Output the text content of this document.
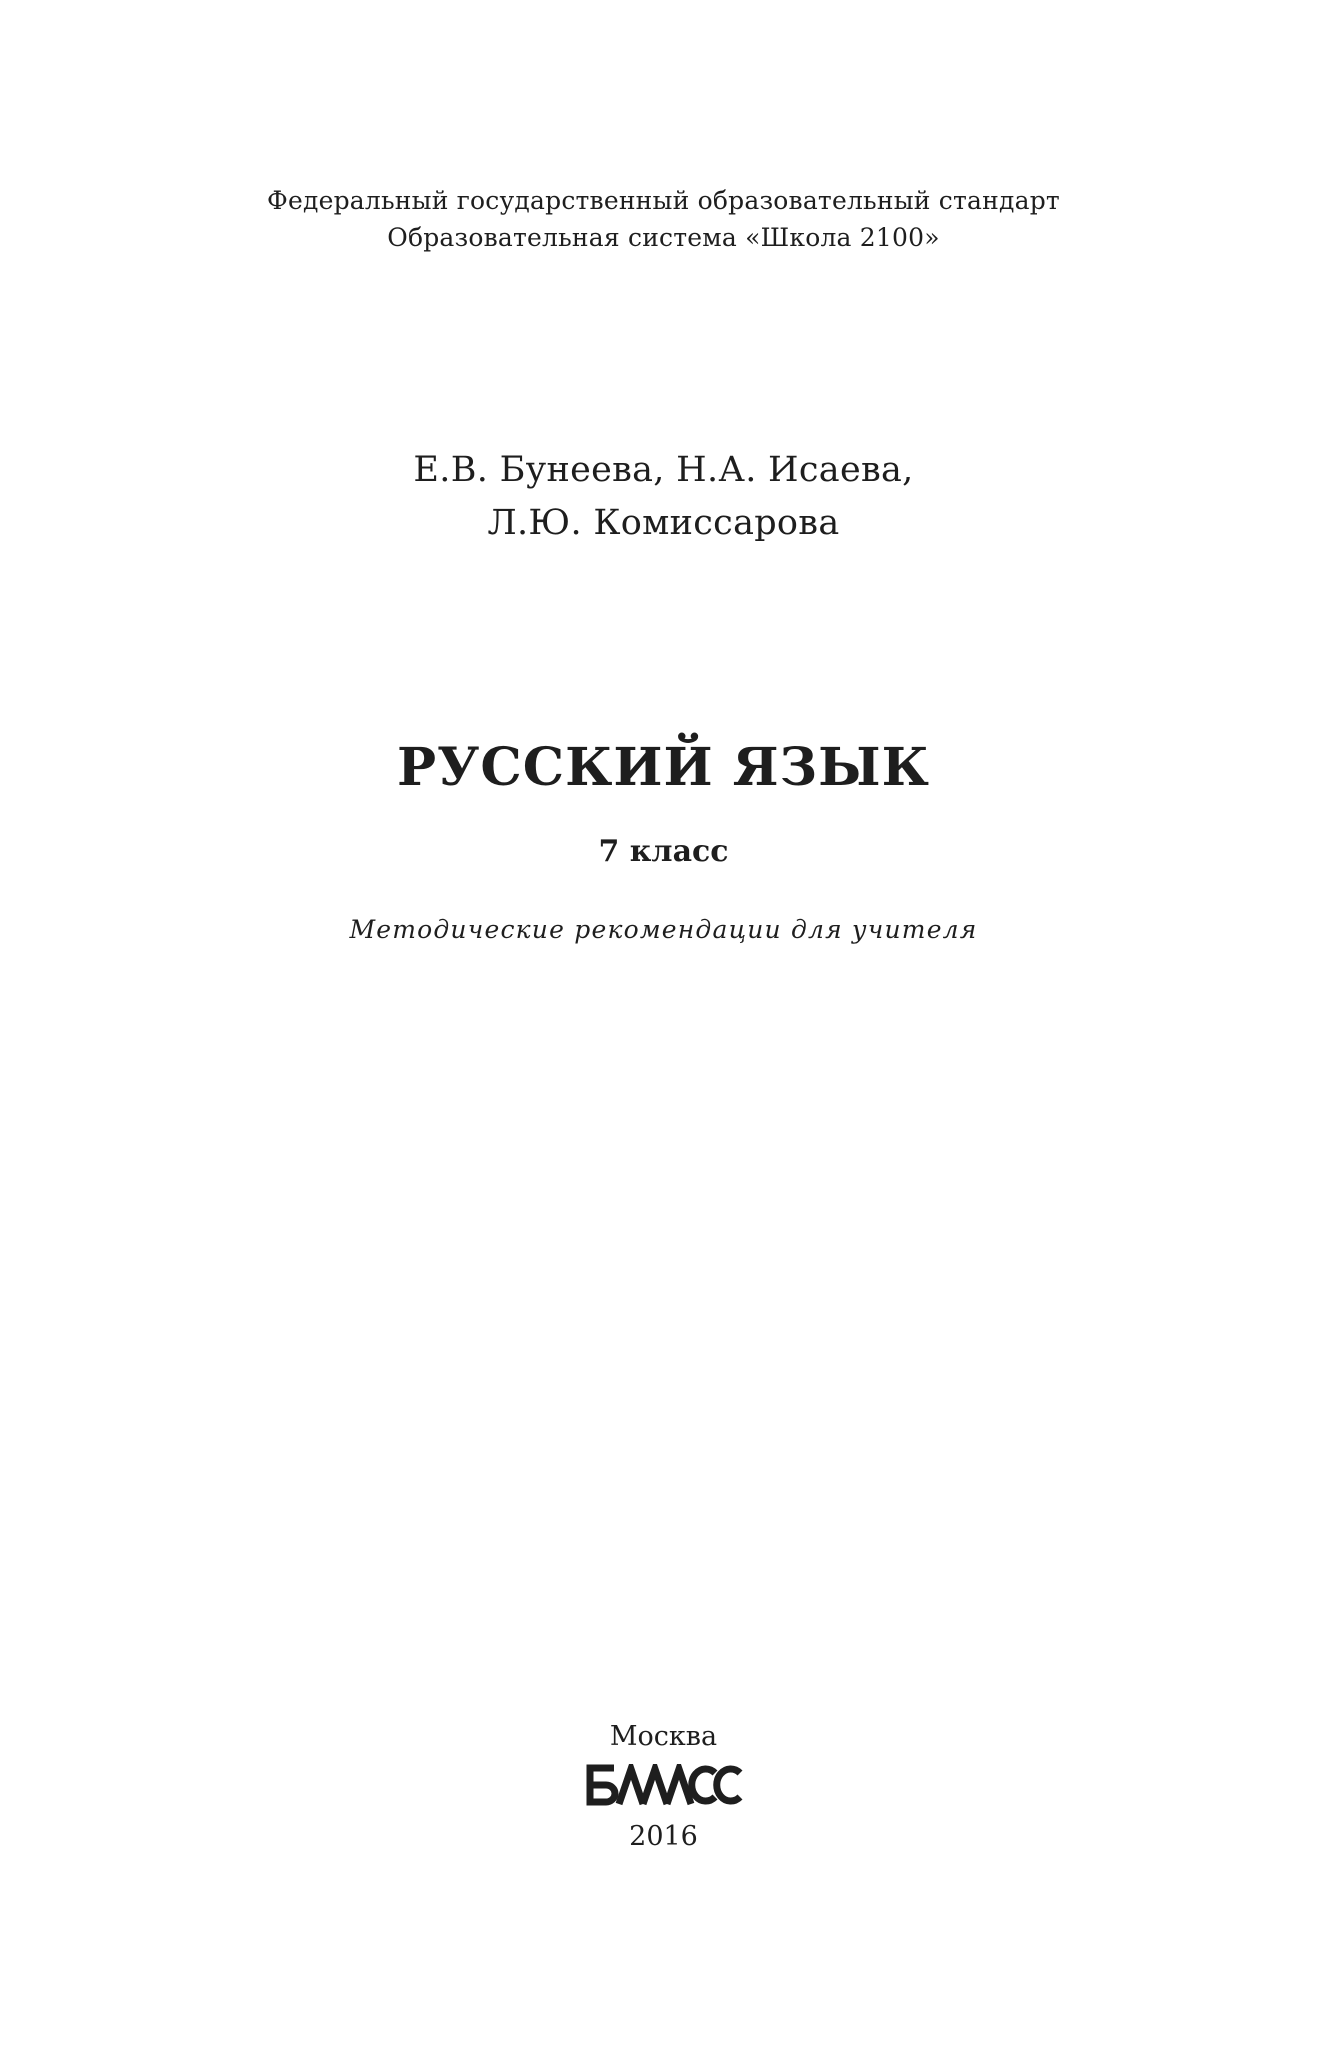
Федеральный государственный образовательный стандарт
Образовательная система «Школа 2100»
Е.В. Бунеева, Н.А. Исаева,
Л.Ю. Комиссарова
РУССКИЙ ЯЗЫК
7 класс
Методические рекомендации для учителя
Москва
2016
